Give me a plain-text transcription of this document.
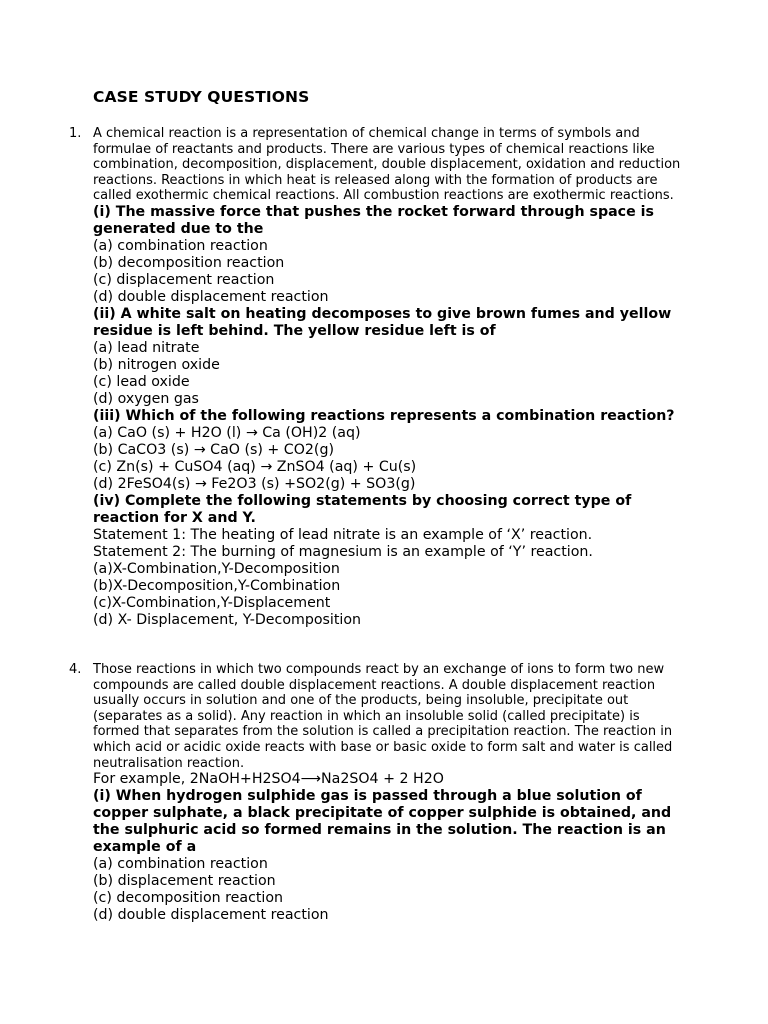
CASE STUDY QUESTIONS
1. A chemical reaction is a representation of chemical change in terms of symbols and formulae of reactants and products. There are various types of chemical reactions like combination, decomposition, displacement, double displacement, oxidation and reduction reactions. Reactions in which heat is released along with the formation of products are called exothermic chemical reactions. All combustion reactions are exothermic reactions.

(i) The massive force that pushes the rocket forward through space is generated due to the

(a) combination reaction

(b) decomposition reaction

(c) displacement reaction

(d) double displacement reaction

(ii) A white salt on heating decomposes to give brown fumes and yellow residue is left behind. The yellow residue left is of

(a) lead nitrate

(b) nitrogen oxide

(c) lead oxide

(d) oxygen gas

(iii) Which of the following reactions represents a combination reaction?

(a) CaO (s) + H2O (l) → Ca (OH)2 (aq)

(b) CaCO3 (s) → CaO (s) + CO2(g)

(c) Zn(s) + CuSO4 (aq) → ZnSO4 (aq) + Cu(s)

(d) 2FeSO4(s) → Fe2O3 (s) +SO2(g) + SO3(g)

(iv) Complete the following statements by choosing correct type of reaction for X and Y.

Statement 1: The heating of lead nitrate is an example of ‘X’ reaction.

Statement 2: The burning of magnesium is an example of ‘Y’ reaction.

(a)X-Combination,Y-Decomposition

(b)X-Decomposition,Y-Combination

(c)X-Combination,Y-Displacement

(d) X- Displacement, Y-Decomposition

4. Those reactions in which two compounds react by an exchange of ions to form two new compounds are called double displacement reactions. A double displacement reaction usually occurs in solution and one of the products, being insoluble, precipitate out (separates as a solid). Any reaction in which an insoluble solid (called precipitate) is formed that separates from the solution is called a precipitation reaction. The reaction in which acid or acidic oxide reacts with base or basic oxide to form salt and water is called neutralisation reaction.

For example, 2NaOH+H2SO4⟶Na2SO4 + 2 H2O

(i) When hydrogen sulphide gas is passed through a blue solution of copper sulphate, a black precipitate of copper sulphide is obtained, and the sulphuric acid so formed remains in the solution. The reaction is an example of a

(a) combination reaction

(b) displacement reaction

(c) decomposition reaction

(d) double displacement reaction
